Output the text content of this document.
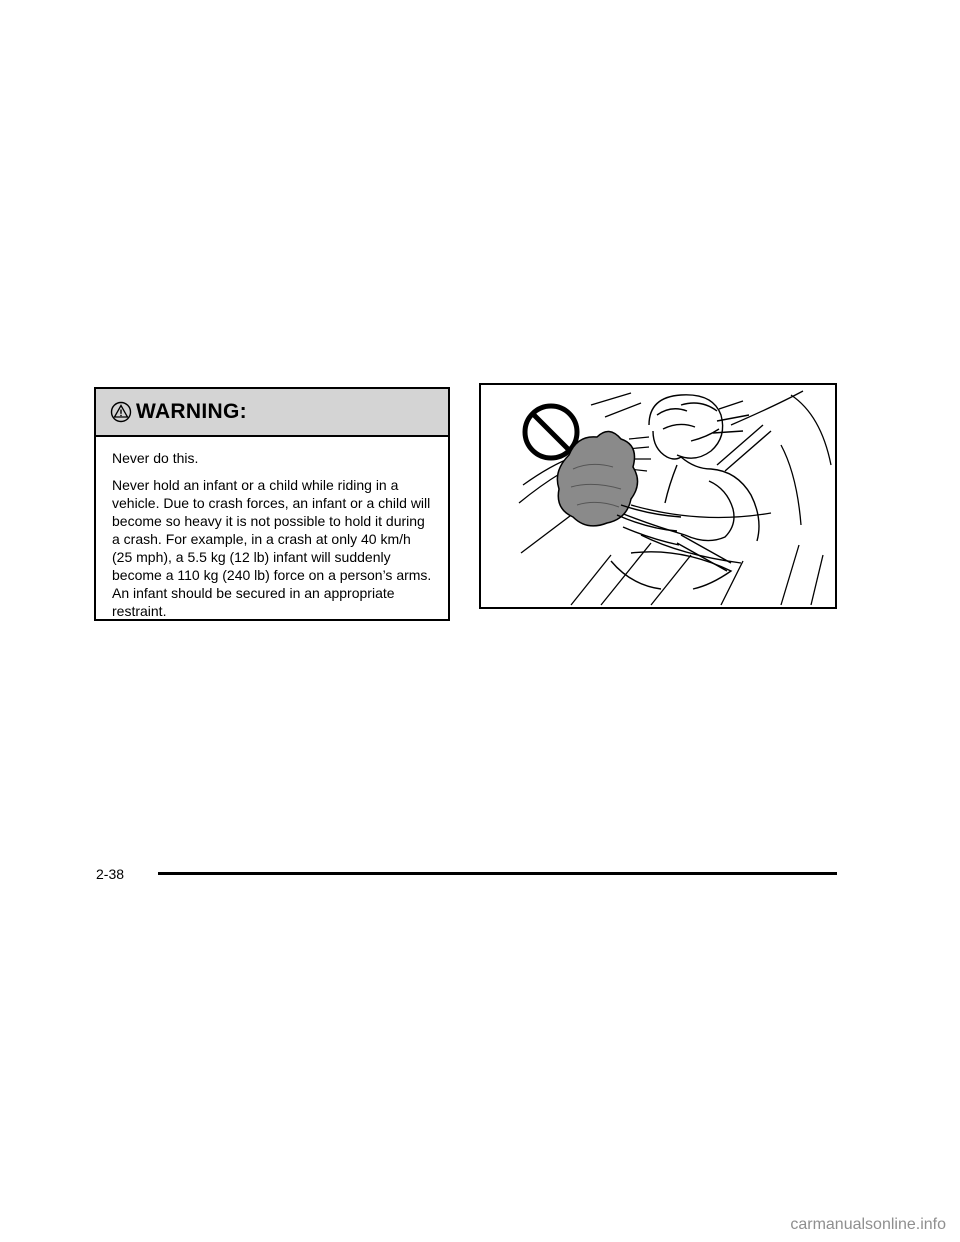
WARNING:

Never do this.

Never hold an infant or a child while riding in a vehicle. Due to crash forces, an infant or a child will become so heavy it is not possible to hold it during a crash. For example, in a crash at only 40 km/h (25 mph), a 5.5 kg (12 lb) infant will suddenly become a 110 kg (240 lb) force on a person’s arms. An infant should be secured in an appropriate restraint.

2-38
carmanualsonline.info
